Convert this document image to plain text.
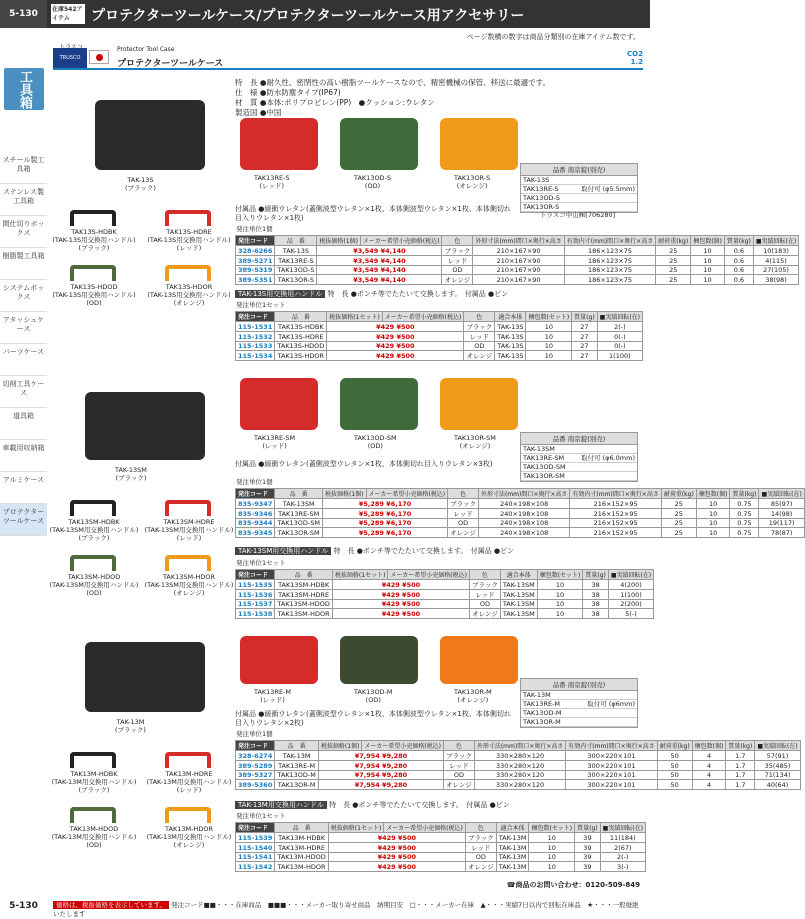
5-130
工具箱
スチール製工具箱
ステンレス製工具箱
間仕切りボックス
樹脂製工具箱
システムボックス
アタッシュケース
パーツケース
切削工具ケース
道具箱
車載用収納箱
アルミケース
プロテクターツールケース
5-130
在庫542アイテム	プロテクターツールケース/プロテクターツールケース用アクセサリー
ページ数横の数字は商品分類別の在庫アイテム数です。
TRUSCO
Protector Tool Case
プロテクターツールケース
CO2
1.2
特　長 ●耐久性、密閉性の高い樹脂ツールケースなので、精密機械の保管、移送に最適です。
仕　様 ●防水防塵タイプ(IP67)
材　質 ●本体:ポリプロピレン(PP)　●クッション:ウレタン
製造国 ●中国
TAK-13S
(ブラック)
TAK13RE-S
(レッド)
TAK13OD-S
(OD)
TAK13OR-S
(オレンジ)
TAK13S-HDBK
(TAK-13S用交換用ハンドル)
(ブラック)
TAK13S-HDRE
(TAK-13S用交換用ハンドル)
(レッド)
TAK13S-HDOD
(TAK-13S用交換用ハンドル)
(OD)
TAK13S-HDOR
(TAK-13S用交換用ハンドル)
(オレンジ)
付属品 ●緩衝ウレタン(蓋側波型ウレタン×1枚、本体側波型ウレタン×1枚、本体側切れ目入りウレタン×1枚)
品番 南京錠(別売)
TAK-13S
TAK13RE-S	取付可 (φ5.5mm)
TAK13OD-S
TAK13OR-S
トラスコ中山㈱[706280]
発注単位1個
発注コード	品　番	税抜価格(1個)	メーカー希望小売価格(税込)	色	外形寸法(mm)間口×奥行×高さ	有効内寸(mm)間口×奥行×高さ	耐荷重(kg)	梱包数(個)	質量(kg)	■実績回転(在)
328-6266	TAK-13S	¥3,549 ¥4,140		ブラック	210×167×90	186×123×75	25	10	0.6	10(183)
389-5271	TAK13RE-S	¥3,549 ¥4,140		レッド	210×167×90	186×123×75	25	10	0.6	4(115)
389-5319	TAK13OD-S	¥3,549 ¥4,140		OD	210×167×90	186×123×75	25	10	0.6	27(105)
389-5351	TAK13OR-S	¥3,549 ¥4,140		オレンジ	210×167×90	186×123×75	25	10	0.6	38(98)
TAK-13S用交換用ハンドル 特　長 ●ポンチ等でたたいて交換します。　付属品 ●ピン
発注単位1セット
発注コード	品　番	税抜価格(1セット)	メーカー希望小売価格(税込)	色	適合本体	梱包数(セット)	質量(g)	■実績回転(在)
115-1531	TAK13S-HDBK	¥429 ¥500		ブラック	TAK-13S	10	27	2(-)
115-1532	TAK13S-HDRE	¥429 ¥500		レッド	TAK-13S	10	27	0(-)
115-1533	TAK13S-HDOD	¥429 ¥500		OD	TAK-13S	10	27	0(-)
115-1534	TAK13S-HDOR	¥429 ¥500		オレンジ	TAK-13S	10	27	1(100)
TAK-13SM
(ブラック)
TAK13RE-SM
(レッド)
TAK13OD-SM
(OD)
TAK13OR-SM
(オレンジ)
TAK13SM-HDBK
(TAK-13SM用交換用ハンドル)
(ブラック)
TAK13SM-HDRE
(TAK-13SM用交換用ハンドル)
(レッド)
TAK13SM-HDOD
(TAK-13SM用交換用ハンドル)
(OD)
TAK13SM-HDOR
(TAK-13SM用交換用ハンドル)
(オレンジ)
付属品 ●緩衝ウレタン(蓋側波型ウレタン×1枚、本体側切れ目入りウレタン×3枚)
品番 南京錠(別売)
TAK-13SM
TAK13RE-SM	取付可 (φ6.0mm)
TAK13OD-SM
TAK13OR-SM
発注単位1個
発注コード	品　番	税抜価格(1個)	メーカー希望小売価格(税込)	色	外形寸法(mm)間口×奥行×高さ	有効内寸(mm)間口×奥行×高さ	耐荷重(kg)	梱包数(個)	質量(kg)	■実績回転(在)
835-9347	TAK-13SM	¥5,289 ¥6,170		ブラック	240×198×108	216×152×95	25	10	0.75	85(97)
835-9346	TAK13RE-SM	¥5,289 ¥6,170		レッド	240×198×108	216×152×95	25	10	0.75	14(98)
835-9344	TAK13OD-SM	¥5,289 ¥6,170		OD	240×198×108	216×152×95	25	10	0.75	19(117)
835-9345	TAK13OR-SM	¥5,289 ¥6,170		オレンジ	240×198×108	216×152×95	25	10	0.75	78(87)
TAK-13SM用交換用ハンドル 特　長 ●ポンチ等でたたいて交換します。　付属品 ●ピン
発注単位1セット
発注コード	品　番	税抜価格(1セット)	メーカー希望小売価格(税込)	色	適合本体	梱包数(セット)	質量(g)	■実績回転(在)
115-1535	TAK13SM-HDBK	¥429 ¥500		ブラック	TAK-13SM	10	38	4(200)
115-1536	TAK13SM-HDRE	¥429 ¥500		レッド	TAK-13SM	10	38	1(100)
115-1537	TAK13SM-HDOD	¥429 ¥500		OD	TAK-13SM	10	38	2(200)
115-1538	TAK13SM-HDOR	¥429 ¥500		オレンジ	TAK-13SM	10	38	5(-)
TAK-13M
(ブラック)
TAK13RE-M
(レッド)
TAK13OD-M
(OD)
TAK13OR-M
(オレンジ)
TAK13M-HDBK
(TAK-13M用交換用ハンドル)
(ブラック)
TAK13M-HDRE
(TAK-13M用交換用ハンドル)
(レッド)
TAK13M-HDOD
(TAK-13M用交換用ハンドル)
(OD)
TAK13M-HDOR
(TAK-13M用交換用ハンドル)
(オレンジ)
付属品 ●緩衝ウレタン(蓋側波型ウレタン×1枚、本体側波型ウレタン×1枚、本体側切れ目入りウレタン×2枚)
品番 南京錠(別売)
TAK-13M
TAK13RE-M	取付可 (φ6mm)
TAK13OD-M
TAK13OR-M
発注単位1個
発注コード	品　番	税抜価格(1個)	メーカー希望小売価格(税込)	色	外形寸法(mm)間口×奥行×高さ	有効内寸(mm)間口×奥行×高さ	耐荷重(kg)	梱包数(個)	質量(kg)	■実績回転(在)
328-6274	TAK-13M	¥7,954 ¥9,280		ブラック	330×280×120	300×220×101	50	4	1.7	57(91)
389-5289	TAK13RE-M	¥7,954 ¥9,280		レッド	330×280×120	300×220×101	50	4	1.7	35(485)
389-5327	TAK13OD-M	¥7,954 ¥9,280		OD	330×280×120	300×220×101	50	4	1.7	71(134)
389-5360	TAK13OR-M	¥7,954 ¥9,280		オレンジ	330×280×120	300×220×101	50	4	1.7	40(64)
TAK-13M用交換用ハンドル 特　長 ●ポンチ等でたたいて交換します。　付属品 ●ピン
発注単位1セット
発注コード	品　番	税抜価格(1セット)	メーカー希望小売価格(税込)	色	適合本体	梱包数(セット)	質量(g)	■実績回転(在)
115-1539	TAK13M-HDBK	¥429 ¥500		ブラック	TAK-13M	10	39	11(184)
115-1540	TAK13M-HDRE	¥429 ¥500		レッド	TAK-13M	10	39	2(67)
115-1541	TAK13M-HDOD	¥429 ¥500		OD	TAK-13M	10	39	2(-)
115-1542	TAK13M-HDOR	¥429 ¥500		オレンジ	TAK-13M	10	39	3(-)
☎商品のお問い合わせ：0120-509-849
価格は、税抜価格を表示しています。 発注コード■■・・・在庫商品　■■■・・・メーカー取り寄せ商品　納期目安　□・・・メーカー在庫　▲・・・実績7日以内で回転在庫品　★・・・一般廃絶いたします
